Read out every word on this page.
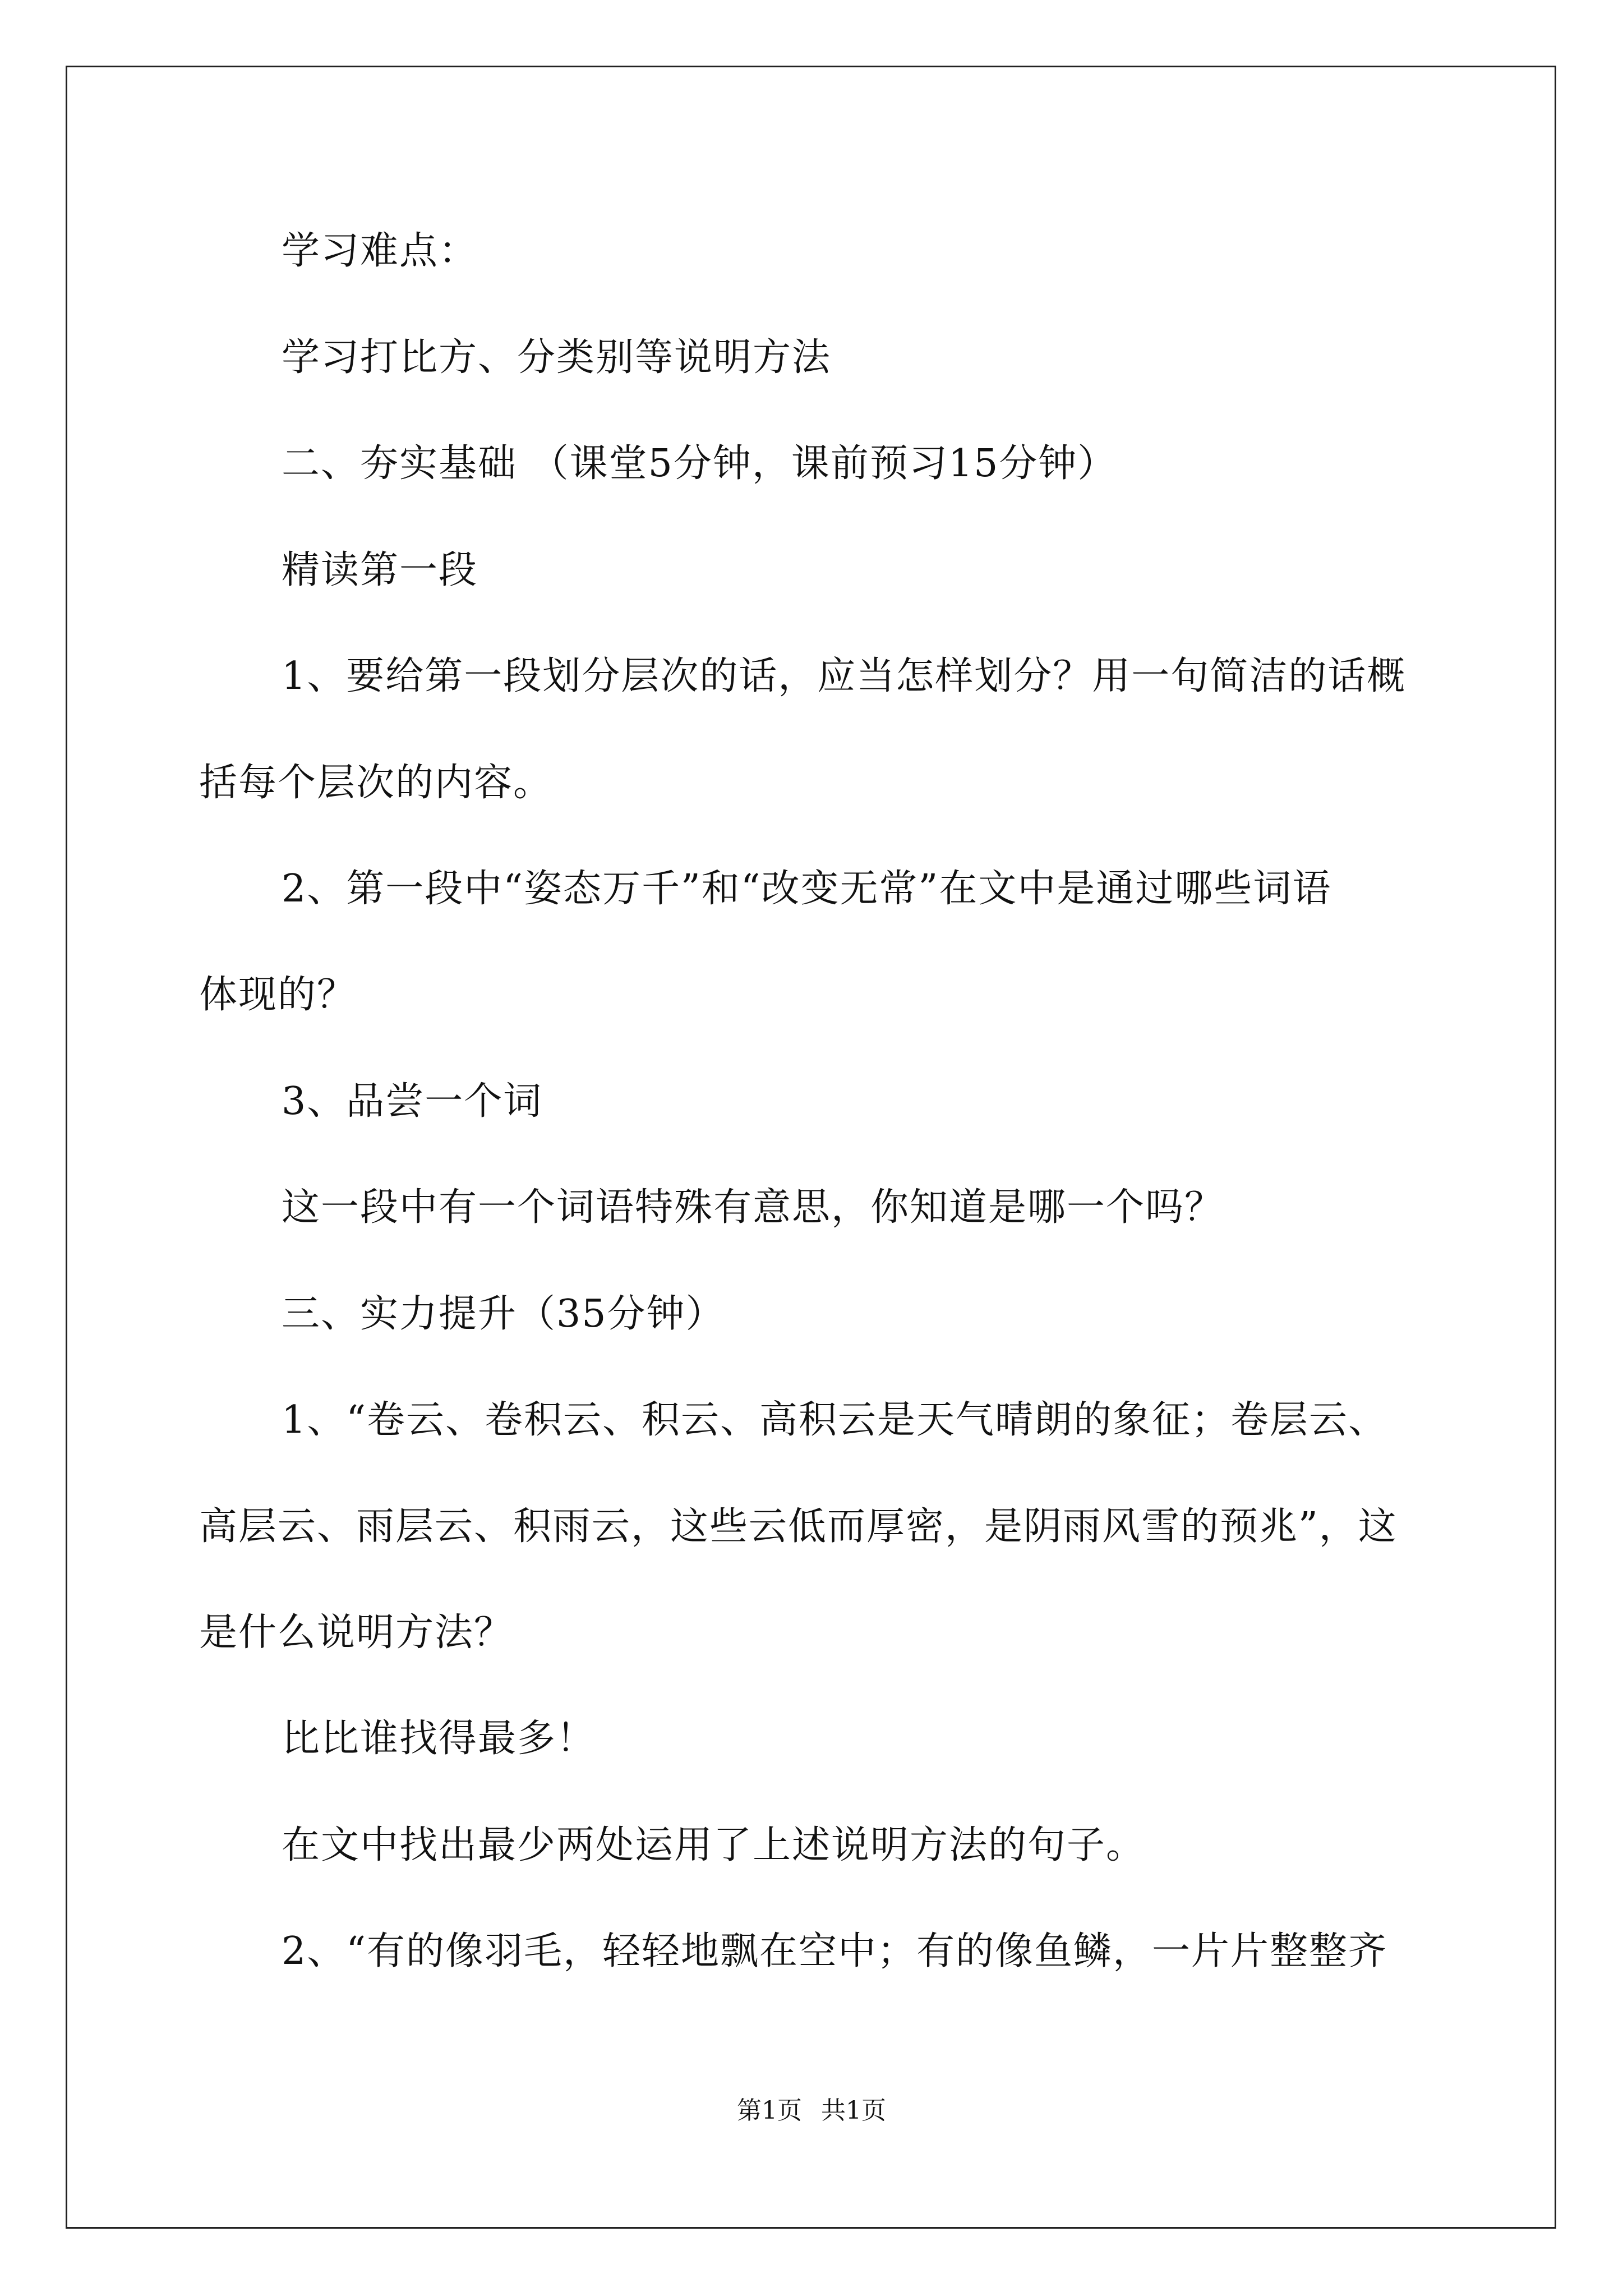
学习难点：
学习打比方、分类别等说明方法
二、夯实基础 （课堂5分钟，课前预习15分钟）
精读第一段
1、要给第一段划分层次的话，应当怎样划分？用一句简洁的话概
括每个层次的内容。
2、第一段中“姿态万千”和“改变无常”在文中是通过哪些词语
体现的？
3、品尝一个词
这一段中有一个词语特殊有意思，你知道是哪一个吗？
三、实力提升（35分钟）
1、“卷云、卷积云、积云、高积云是天气晴朗的象征；卷层云、
高层云、雨层云、积雨云，这些云低而厚密，是阴雨风雪的预兆”，这
是什么说明方法？
比比谁找得最多！
在文中找出最少两处运用了上述说明方法的句子。
2、“有的像羽毛，轻轻地飘在空中；有的像鱼鳞，一片片整整齐
第1页 共1页
